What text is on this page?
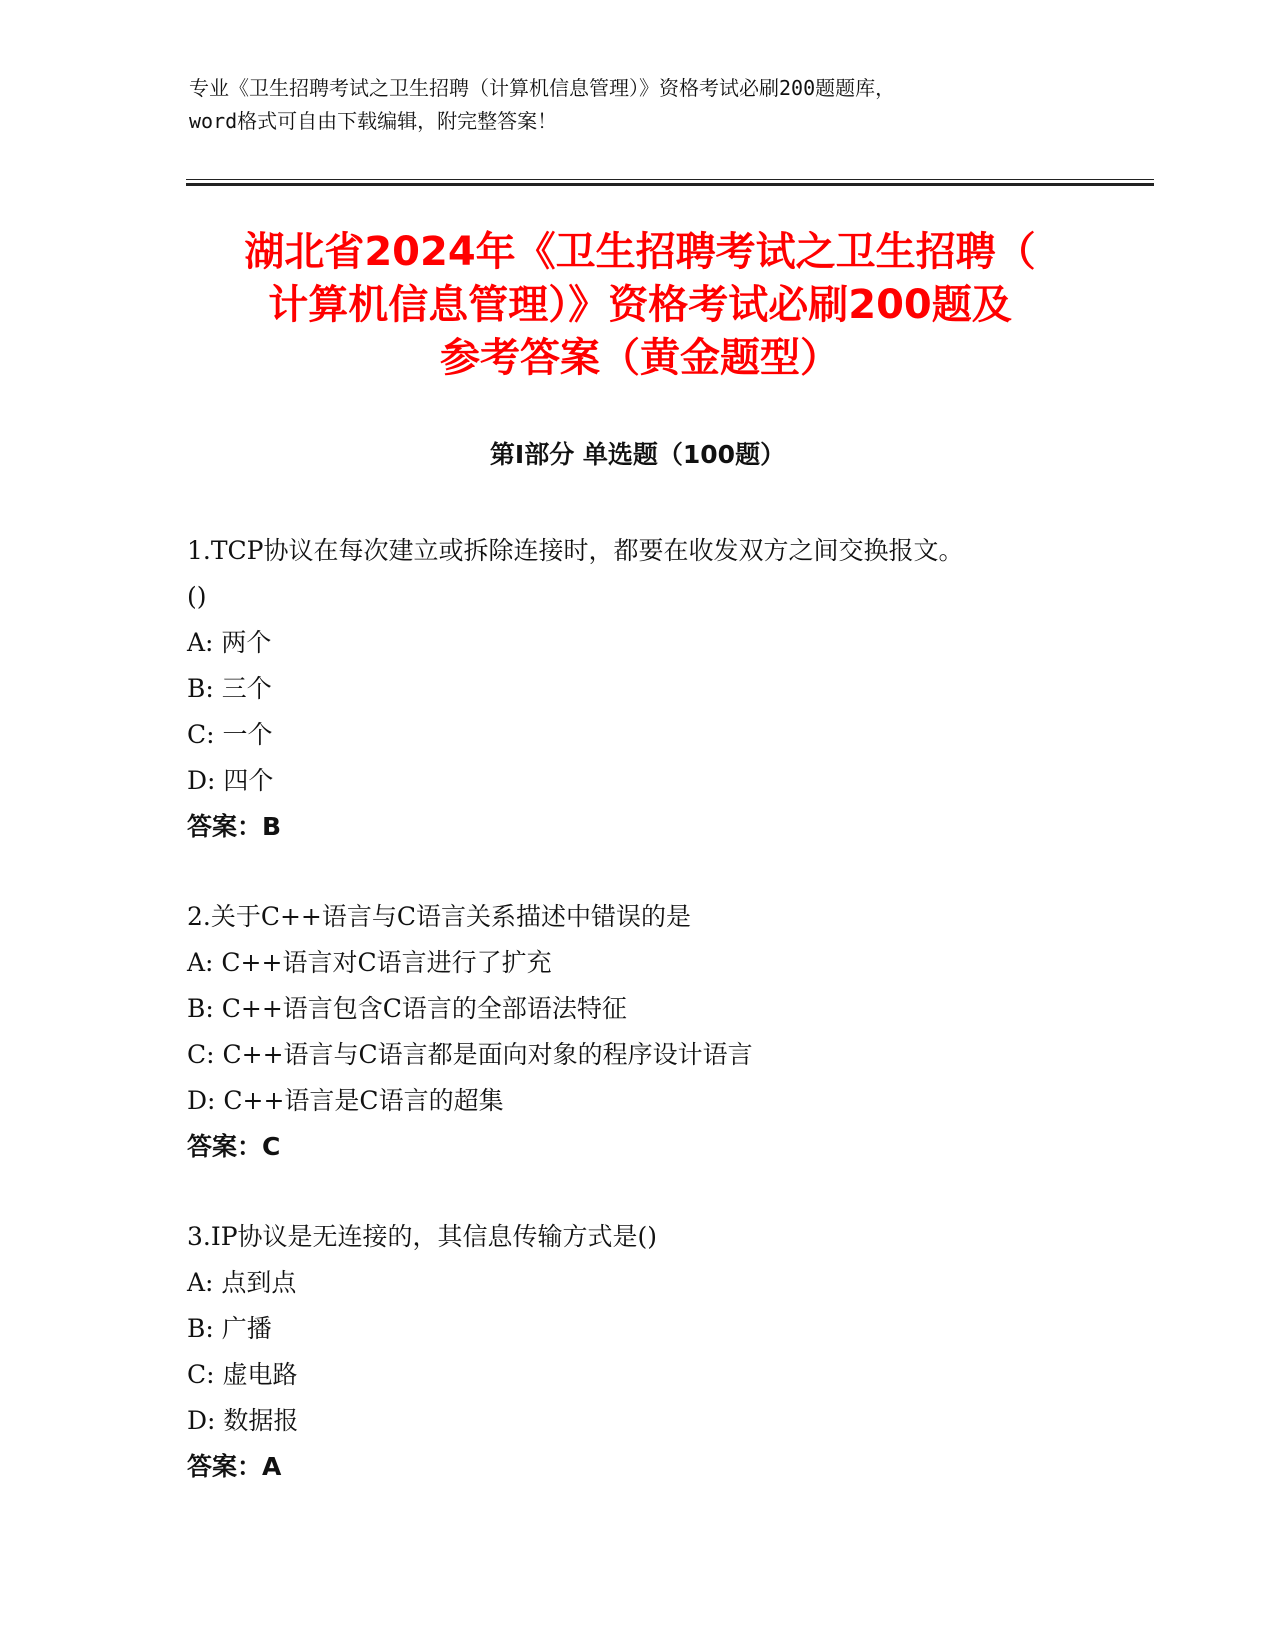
专业《卫生招聘考试之卫生招聘（计算机信息管理）》资格考试必刷200题题库，
word格式可自由下载编辑，附完整答案！
湖北省2024年《卫生招聘考试之卫生招聘（
计算机信息管理）》资格考试必刷200题及
参考答案（黄金题型）
第Ⅰ部分 单选题（100题）
1.TCP协议在每次建立或拆除连接时，都要在收发双方之间交换报文。
()
A: 两个
B: 三个
C: 一个
D: 四个
答案：B
2.关于C++语言与C语言关系描述中错误的是
A: C++语言对C语言进行了扩充
B: C++语言包含C语言的全部语法特征
C: C++语言与C语言都是面向对象的程序设计语言
D: C++语言是C语言的超集
答案：C
3.IP协议是无连接的，其信息传输方式是()
A: 点到点
B: 广播
C: 虚电路
D: 数据报
答案：A
